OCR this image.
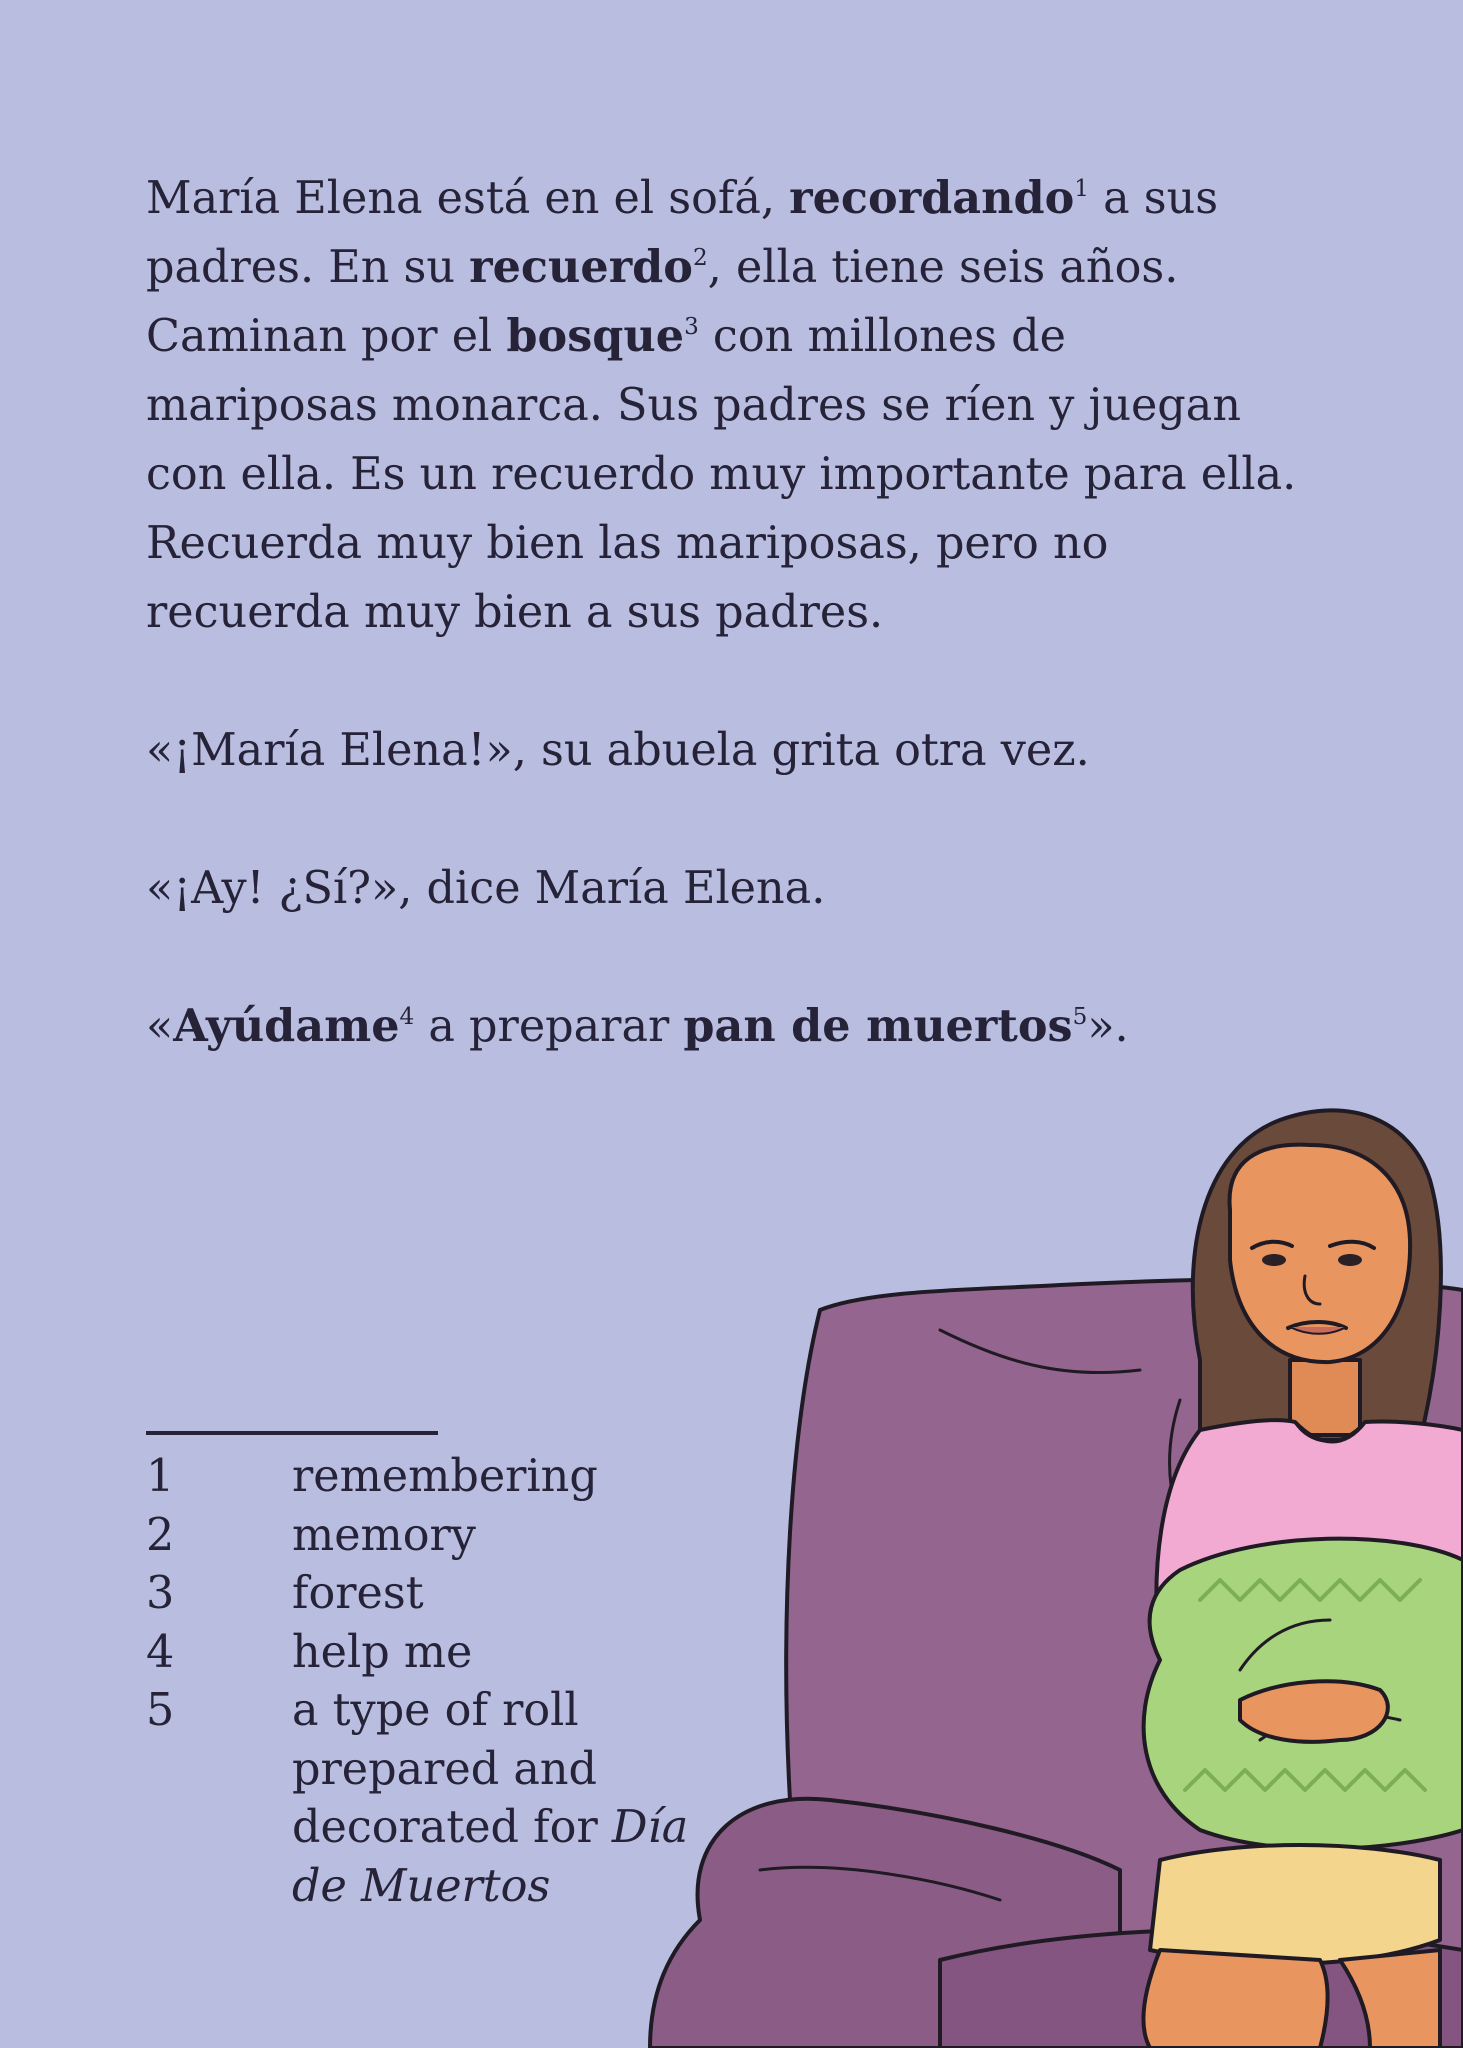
María Elena está en el sofá, recordando$^1$ a sus padres. En su recuerdo$^2$, ella tiene seis años. Caminan por el bosque$^3$ con millones de mariposas monarca. Sus padres se ríen y juegan con ella. Es un recuerdo muy importante para ella. Recuerda muy bien las mariposas, pero no recuerda muy bien a sus padres.

«¡María Elena!», su abuela grita otra vez.

«¡Ay! ¿Sí?», dice María Elena.

«Ayúdame$^4$ a preparar pan de muertos$^5$».

1	remembering
2	memory
3	forest
4	help me
5	a type of roll prepared and decorated for Día de Muertos
